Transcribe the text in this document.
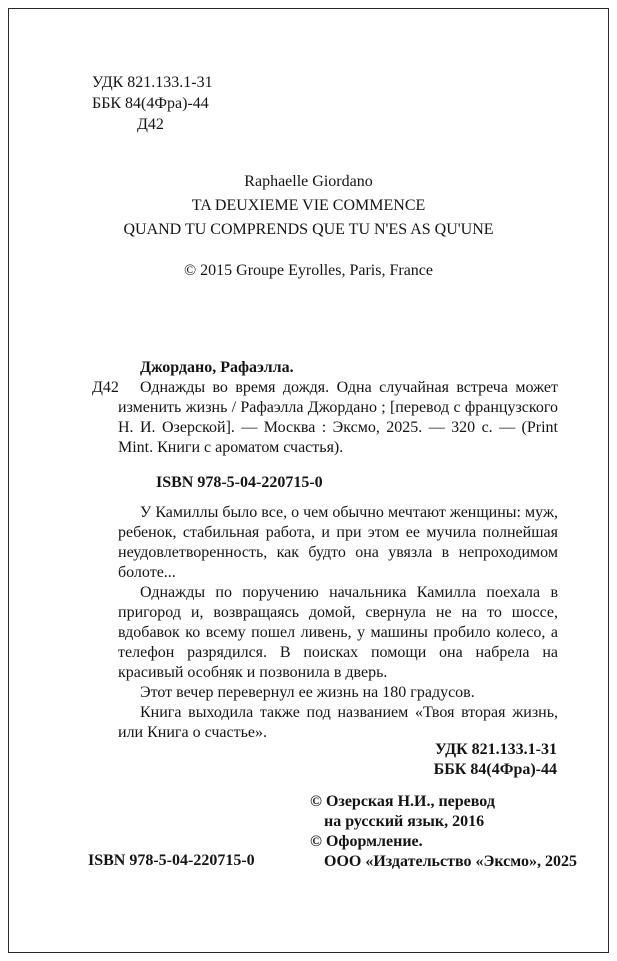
УДК 821.133.1-31
ББК 84(4Фра)-44
Д42
Raphaelle Giordano
TA DEUXIEME VIE COMMENCE
QUAND TU COMPRENDS QUE TU N'ES AS QU'UNE
© 2015 Groupe Eyrolles, Paris, France
Джордано, Рафаэлла.
Д42	Однажды во время дождя. Одна случайная встреча может изменить жизнь / Рафаэлла Джордано ; [перевод с французского Н. И. Озерской]. — Москва : Эксмо, 2025. — 320 с. — (Print Mint. Книги с ароматом счастья).

ISBN 978-5-04-220715-0

У Камиллы было все, о чем обычно мечтают женщины: муж, ребенок, стабильная работа, и при этом ее мучила полнейшая неудовлетворенность, как будто она увязла в непроходимом болоте...

Однажды по поручению начальника Камилла поехала в пригород и, возвращаясь домой, свернула не на то шоссе, вдобавок ко всему пошел ливень, у машины пробило колесо, а телефон разрядился. В поисках помощи она набрела на красивый особняк и позвонила в дверь.

Этот вечер перевернул ее жизнь на 180 градусов.

Книга выходила также под названием «Твоя вторая жизнь, или Книга о счастье».

УДК 821.133.1-31
ББК 84(4Фра)-44
© Озерская Н.И., перевод
на русский язык, 2016
© Оформление.
ООО «Издательство «Эксмо», 2025
ISBN 978-5-04-220715-0
